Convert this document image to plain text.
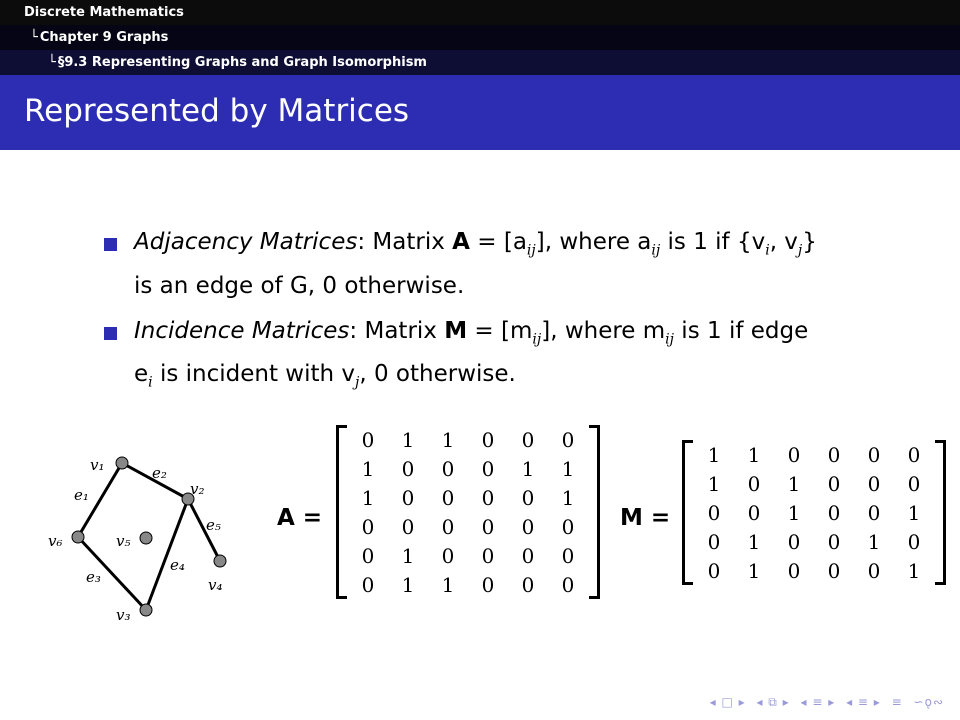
Discrete Mathematics
└ Chapter 9 Graphs
└ §9.3 Representing Graphs and Graph Isomorphism
Represented by Matrices
Adjacency Matrices: Matrix $A = [a_{ij}]$, where $a_{ij}$ is 1 if {$v_i$, $v_j$}
is an edge of G, 0 otherwise.
Incidence Matrices: Matrix $M = [m_{ij}]$, where $m_{ij}$ is 1 if edge
$e_i$ is incident with $v_j$, 0 otherwise.
v₁
v₂
v₃
v₄
v₅
v₆
e₁
e₂
e₃
e₄
e₅ A =
0	1	1	0	0	0
1	0	0	0	1	1
1	0	0	0	0	1
0	0	0	0	0	0
0	1	0	0	0	0
0	1	1	0	0	0
M =
1	1	0	0	0	0
1	0	1	0	0	0
0	0	1	0	0	1
0	1	0	0	1	0
0	1	0	0	0	1
◂ □ ▸ ◂ ⧉ ▸ ◂ ≡ ▸ ◂ ≡ ▸ ≡ ∽ǫ∾
